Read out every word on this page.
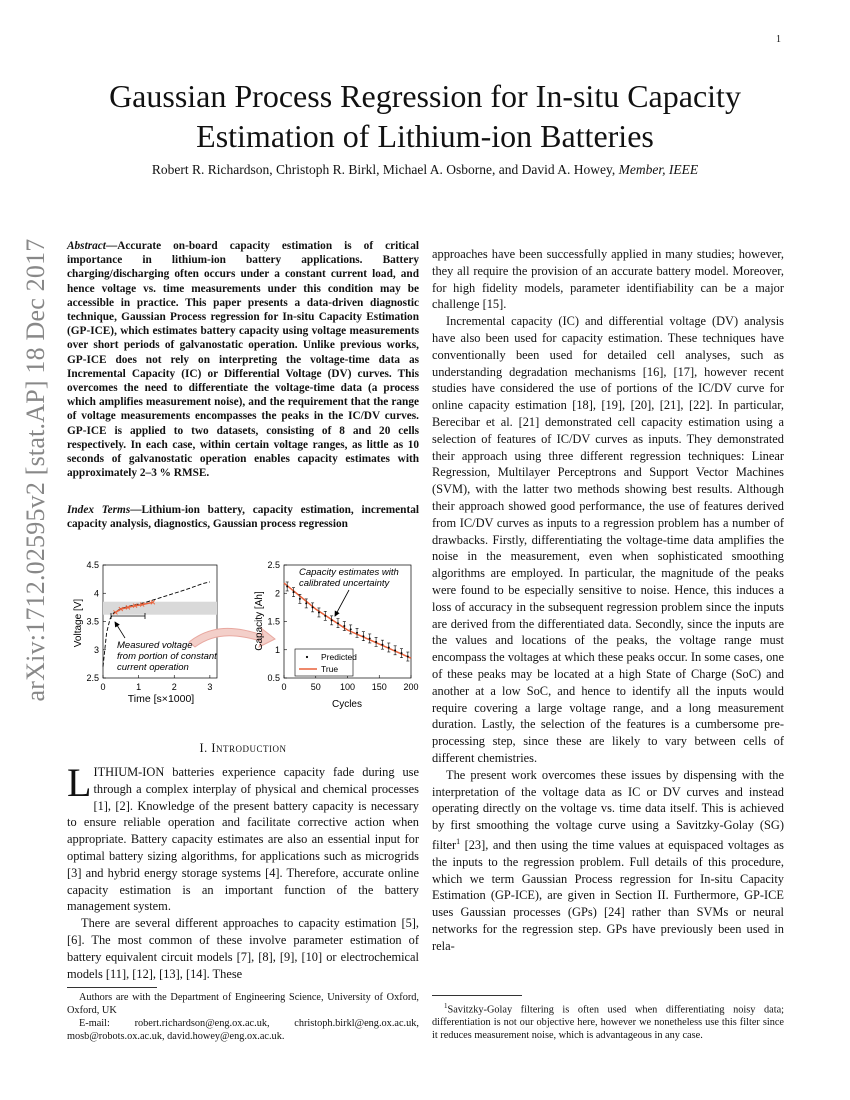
1
arXiv:1712.02595v2 [stat.AP] 18 Dec 2017
Gaussian Process Regression for In-situ Capacity
Estimation of Lithium-ion Batteries
Robert R. Richardson, Christoph R. Birkl, Michael A. Osborne, and David A. Howey, Member, IEEE
Abstract—Accurate on-board capacity estimation is of critical importance in lithium-ion battery applications. Battery charging/discharging often occurs under a constant current load, and hence voltage vs. time measurements under this condition may be accessible in practice. This paper presents a data-driven diagnostic technique, Gaussian Process regression for In-situ Capacity Estimation (GP-ICE), which estimates battery capacity using voltage measurements over short periods of galvanostatic operation. Unlike previous works, GP-ICE does not rely on interpreting the voltage-time data as Incremental Capacity (IC) or Differential Voltage (DV) curves. This overcomes the need to differentiate the voltage-time data (a process which amplifies measurement noise), and the requirement that the range of voltage measurements encompasses the peaks in the IC/DV curves. GP-ICE is applied to two datasets, consisting of 8 and 20 cells respectively. In each case, within certain voltage ranges, as little as 10 seconds of galvanostatic operation enables capacity estimates with approximately 2–3 % RMSE.
Index Terms—Lithium-ion battery, capacity estimation, incremental capacity analysis, diagnostics, Gaussian process regression
0	1	2	3
2.5
3
3.5
4
4.5
0	50 100 150 200
0.5
1
1.5
2
2.5
Voltage [V]
Time [s×1000]
Capacity [Ah]
Cycles
Measured voltage
from portion of constant
current operation
Capacity estimates with
calibrated uncertainty
Predicted
True
I. Introduction

LITHIUM-ION batteries experience capacity fade during use through a complex interplay of physical and chemical processes [1], [2]. Knowledge of the present battery capacity is necessary to ensure reliable operation and facilitate corrective action when appropriate. Battery capacity estimates are also an essential input for optimal battery sizing algorithms, for applications such as microgrids [3] and hybrid energy storage systems [4]. Therefore, accurate online capacity estimation is an important function of the battery management system.

There are several different approaches to capacity estimation [5], [6]. The most common of these involve parameter estimation of battery equivalent circuit models [7], [8], [9], [10] or electrochemical models [11], [12], [13], [14]. These

Authors are with the Department of Engineering Science, University of Oxford, Oxford, UK
E-mail: robert.richardson@eng.ox.ac.uk, christoph.birkl@eng.ox.ac.uk, mosb@robots.ox.ac.uk, david.howey@eng.ox.ac.uk.

approaches have been successfully applied in many studies; however, they all require the provision of an accurate battery model. Moreover, for high fidelity models, parameter identifiability can be a major challenge [15].

Incremental capacity (IC) and differential voltage (DV) analysis have also been used for capacity estimation. These techniques have conventionally been used for detailed cell analyses, such as understanding degradation mechanisms [16], [17], however recent studies have considered the use of portions of the IC/DV curve for online capacity estimation [18], [19], [20], [21], [22]. In particular, Berecibar et al. [21] demonstrated cell capacity estimation using a selection of features of IC/DV curves as inputs. They demonstrated their approach using three different regression techniques: Linear Regression, Multilayer Perceptrons and Support Vector Machines (SVM), with the latter two methods showing best results. Although their approach showed good performance, the use of features derived from IC/DV curves as inputs to a regression problem has a number of drawbacks. Firstly, differentiating the voltage-time data amplifies the noise in the measurement, even when sophisticated smoothing algorithms are employed. In particular, the magnitude of the peaks were found to be especially sensitive to noise. Hence, this induces a loss of accuracy in the subsequent regression problem since the inputs are derived from the differentiated data. Secondly, since the inputs are the values and locations of the peaks, the voltage range must encompass the voltages at which these peaks occur. In some cases, one of these peaks may be located at a high State of Charge (SoC) and another at a low SoC, and hence to identify all the inputs would require covering a large voltage range, and a long measurement duration. Lastly, the selection of the features is a cumbersome pre-processing step, since these are likely to vary between cells of different chemistries.

The present work overcomes these issues by dispensing with the interpretation of the voltage data as IC or DV curves and instead operating directly on the voltage vs. time data itself. This is achieved by first smoothing the voltage curve using a Savitzky-Golay (SG) filter$^1$ [23], and then using the time values at equispaced voltages as the inputs to the regression problem. Full details of this procedure, which we term Gaussian Process regression for In-situ Capacity Estimation (GP-ICE), are given in Section II. Furthermore, GP-ICE uses Gaussian processes (GPs) [24] rather than SVMs or neural networks for the regression step. GPs have previously been used in rela-

$^1$Savitzky-Golay filtering is often used when differentiating noisy data; differentiation is not our objective here, however we nonetheless use this filter since it reduces measurement noise, which is advantageous in any case.
